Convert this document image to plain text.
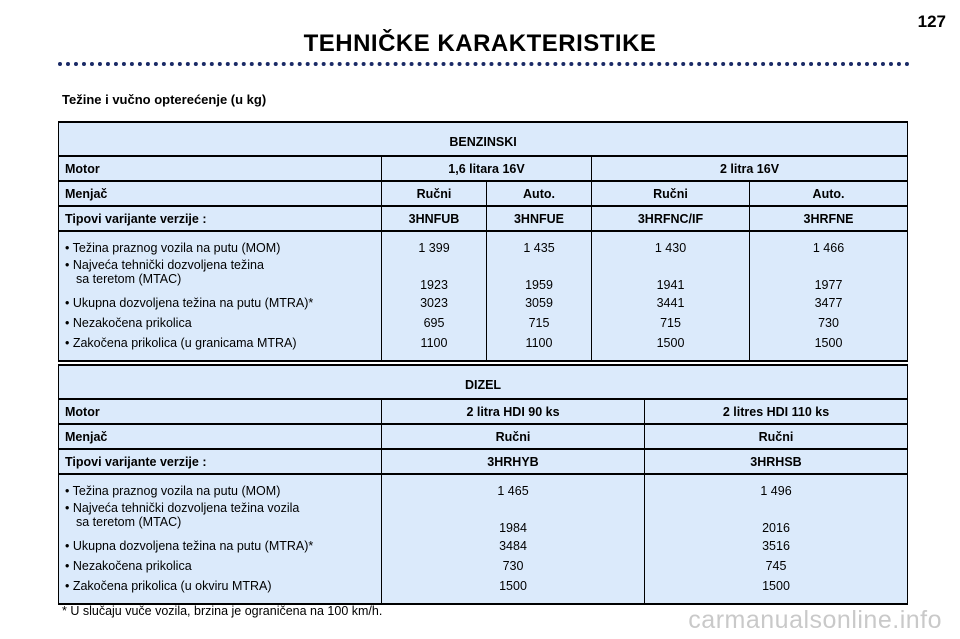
127
TEHNIČKE KARAKTERISTIKE
Težine i vučno opterećenje (u kg)
BENZINSKI				
Motor	1,6 litara 16V		2 litra 16V	
Menjač	Ručni	Auto.	Ručni	Auto.
Tipovi varijante verzije :	3HNFUB	3HNFUE	3HRFNC/IF	3HRFNE
• Težina praznog vozila na putu (MOM)	1 399	1 435	1 430	1 466
• Najveća tehnički dozvoljena težina
sa teretom (MTAC)	1923	1959	1941	1977
• Ukupna dozvoljena težina na putu (MTRA)*	3023	3059	3441	3477
• Nezakočena prikolica	695	715	715	730
• Zakočena prikolica (u granicama MTRA)	1100	1100	1500	1500
DIZEL		
Motor	2 litra HDI 90 ks	2 litres HDI 110 ks
Menjač	Ručni	Ručni
Tipovi varijante verzije :	3HRHYB	3HRHSB
• Težina praznog vozila na putu (MOM)	1 465	1 496
• Najveća tehnički dozvoljena težina vozila
sa teretom (MTAC)	1984	2016
• Ukupna dozvoljena težina na putu (MTRA)*	3484	3516
• Nezakočena prikolica	730	745
• Zakočena prikolica (u okviru MTRA)	1500	1500
* U slučaju vuče vozila, brzina je ograničena na 100 km/h.	carmanualsonline.info
